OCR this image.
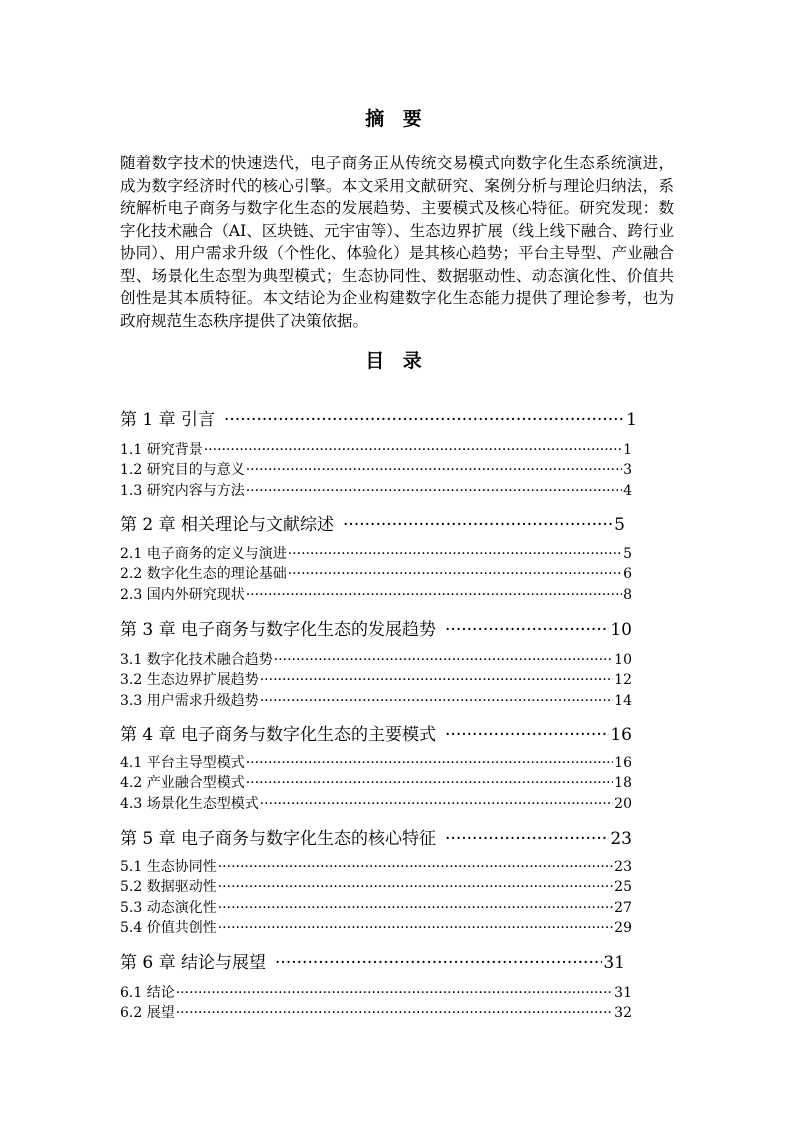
摘 要
随着数字技术的快速迭代，电子商务正从传统交易模式向数字化生态系统演进，成为数字经济时代的核心引擎。本文采用文献研究、案例分析与理论归纳法，系统解析电子商务与数字化生态的发展趋势、主要模式及核心特征。研究发现：数字化技术融合（AI、区块链、元宇宙等）、生态边界扩展（线上线下融合、跨行业协同）、用户需求升级（个性化、体验化）是其核心趋势；平台主导型、产业融合型、场景化生态型为典型模式；生态协同性、数据驱动性、动态演化性、价值共创性是其本质特征。本文结论为企业构建数字化生态能力提供了理论参考，也为政府规范生态秩序提供了决策依据。
目 录
第 1 章 引言 ·····	1
1.1 研究背景 ·····	1
1.2 研究目的与意义 ·····	3
1.3 研究内容与方法 ·····	4
第 2 章 相关理论与文献综述 ·····	5
2.1 电子商务的定义与演进 ·····	5
2.2 数字化生态的理论基础 ·····	6
2.3 国内外研究现状 ·····	8
第 3 章 电子商务与数字化生态的发展趋势 ·····	10
3.1 数字化技术融合趋势 ·····	10
3.2 生态边界扩展趋势 ·····	12
3.3 用户需求升级趋势 ·····	14
第 4 章 电子商务与数字化生态的主要模式 ·····	16
4.1 平台主导型模式 ·····	16
4.2 产业融合型模式 ·····	18
4.3 场景化生态型模式 ·····	20
第 5 章 电子商务与数字化生态的核心特征 ·····	23
5.1 生态协同性 ·····	23
5.2 数据驱动性 ·····	25
5.3 动态演化性 ·····	27
5.4 价值共创性 ·····	29
第 6 章 结论与展望 ·····	31
6.1 结论 ·····	31
6.2 展望 ·····	32
